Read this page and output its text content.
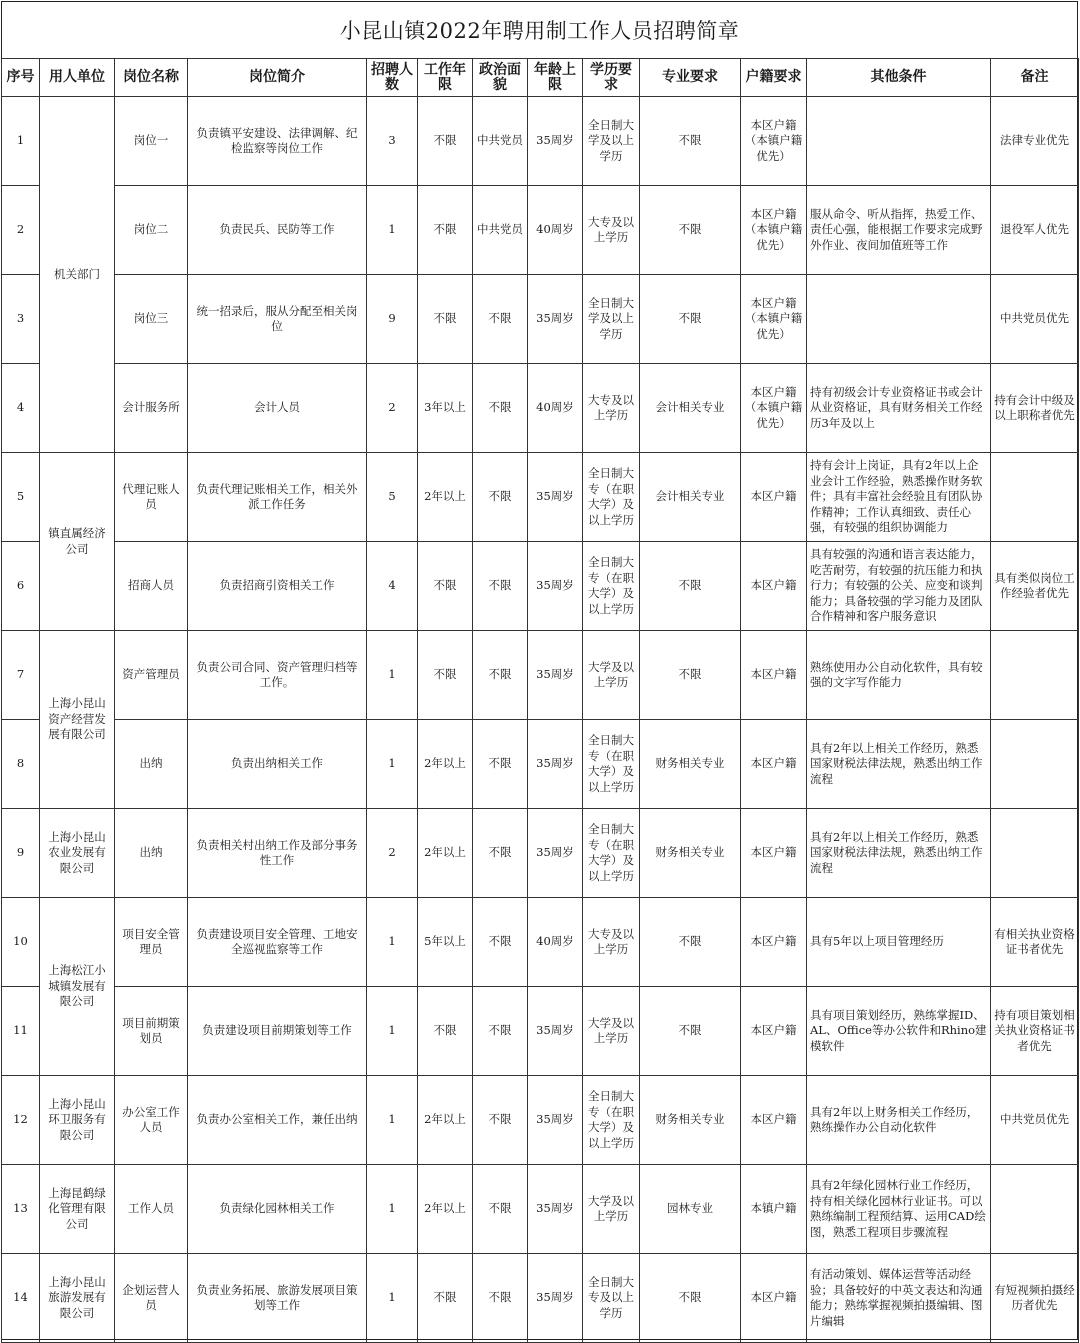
小昆山镇2022年聘用制工作人员招聘简章
序号	用人单位	岗位名称	岗位简介	招聘人数	工作年限	政治面貌	年龄上限	学历要求	专业要求	户籍要求	其他条件	备注
1	机关部门	岗位一	负责镇平安建设、法律调解、纪检监察等岗位工作	3	不限	中共党员	35周岁	全日制大学及以上学历	不限	本区户籍（本镇户籍优先）		法律专业优先
2		岗位二	负责民兵、民防等工作	1	不限	中共党员	40周岁	大专及以上学历	不限	本区户籍（本镇户籍优先）	服从命令、听从指挥，热爱工作、责任心强，能根据工作要求完成野外作业、夜间加值班等工作	退役军人优先
3		岗位三	统一招录后，服从分配至相关岗位	9	不限	不限	35周岁	全日制大学及以上学历	不限	本区户籍（本镇户籍优先）		中共党员优先
4		会计服务所	会计人员	2	3年以上	不限	40周岁	大专及以上学历	会计相关专业	本区户籍（本镇户籍优先）	持有初级会计专业资格证书或会计从业资格证，具有财务相关工作经历3年及以上	持有会计中级及以上职称者优先
5	镇直属经济公司	代理记账人员	负责代理记账相关工作，相关外派工作任务	5	2年以上	不限	35周岁	全日制大专（在职大学）及以上学历	会计相关专业	本区户籍	持有会计上岗证，具有2年以上企业会计工作经验，熟悉操作财务软件；具有丰富社会经验且有团队协作精神；工作认真细致、责任心强，有较强的组织协调能力	
6		招商人员	负责招商引资相关工作	4	不限	不限	35周岁	全日制大专（在职大学）及以上学历	不限	本区户籍	具有较强的沟通和语言表达能力，吃苦耐劳，有较强的抗压能力和执行力；有较强的公关、应变和谈判能力；具备较强的学习能力及团队合作精神和客户服务意识	具有类似岗位工作经验者优先
7	上海小昆山资产经营发展有限公司	资产管理员	负责公司合同、资产管理归档等工作。	1	不限	不限	35周岁	大学及以上学历	不限	本区户籍	熟练使用办公自动化软件，具有较强的文字写作能力	
8		出纳	负责出纳相关工作	1	2年以上	不限	35周岁	全日制大专（在职大学）及以上学历	财务相关专业	本区户籍	具有2年以上相关工作经历，熟悉国家财税法律法规，熟悉出纳工作流程	
9	上海小昆山农业发展有限公司	出纳	负责相关村出纳工作及部分事务性工作	2	2年以上	不限	35周岁	全日制大专（在职大学）及以上学历	财务相关专业	本区户籍	具有2年以上相关工作经历，熟悉国家财税法律法规，熟悉出纳工作流程	
10	上海松江小城镇发展有限公司	项目安全管理员	负责建设项目安全管理、工地安全巡视监察等工作	1	5年以上	不限	40周岁	大专及以上学历	不限	本区户籍	具有5年以上项目管理经历	有相关执业资格证书者优先
11		项目前期策划员	负责建设项目前期策划等工作	1	不限	不限	35周岁	大学及以上学历	不限	本区户籍	具有项目策划经历，熟练掌握ID、AL、Office等办公软件和Rhino建模软件	持有项目策划相关执业资格证书者优先
12	上海小昆山环卫服务有限公司	办公室工作人员	负责办公室相关工作，兼任出纳	1	2年以上	不限	35周岁	全日制大专（在职大学）及以上学历	财务相关专业	本区户籍	具有2年以上财务相关工作经历，熟练操作办公自动化软件	中共党员优先
13	上海昆鹤绿化管理有限公司	工作人员	负责绿化园林相关工作	1	2年以上	不限	35周岁	大学及以上学历	园林专业	本镇户籍	具有2年绿化园林行业工作经历，持有相关绿化园林行业证书。可以熟练编制工程预结算、运用CAD绘图，熟悉工程项目步骤流程	
14	上海小昆山旅游发展有限公司	企划运营人员	负责业务拓展、旅游发展项目策划等工作	1	不限	不限	35周岁	全日制大专及以上学历	不限	本区户籍	有活动策划、媒体运营等活动经验；具备较好的中英文表达和沟通能力；熟练掌握视频拍摄编辑、图片编辑	有短视频拍摄经历者优先
